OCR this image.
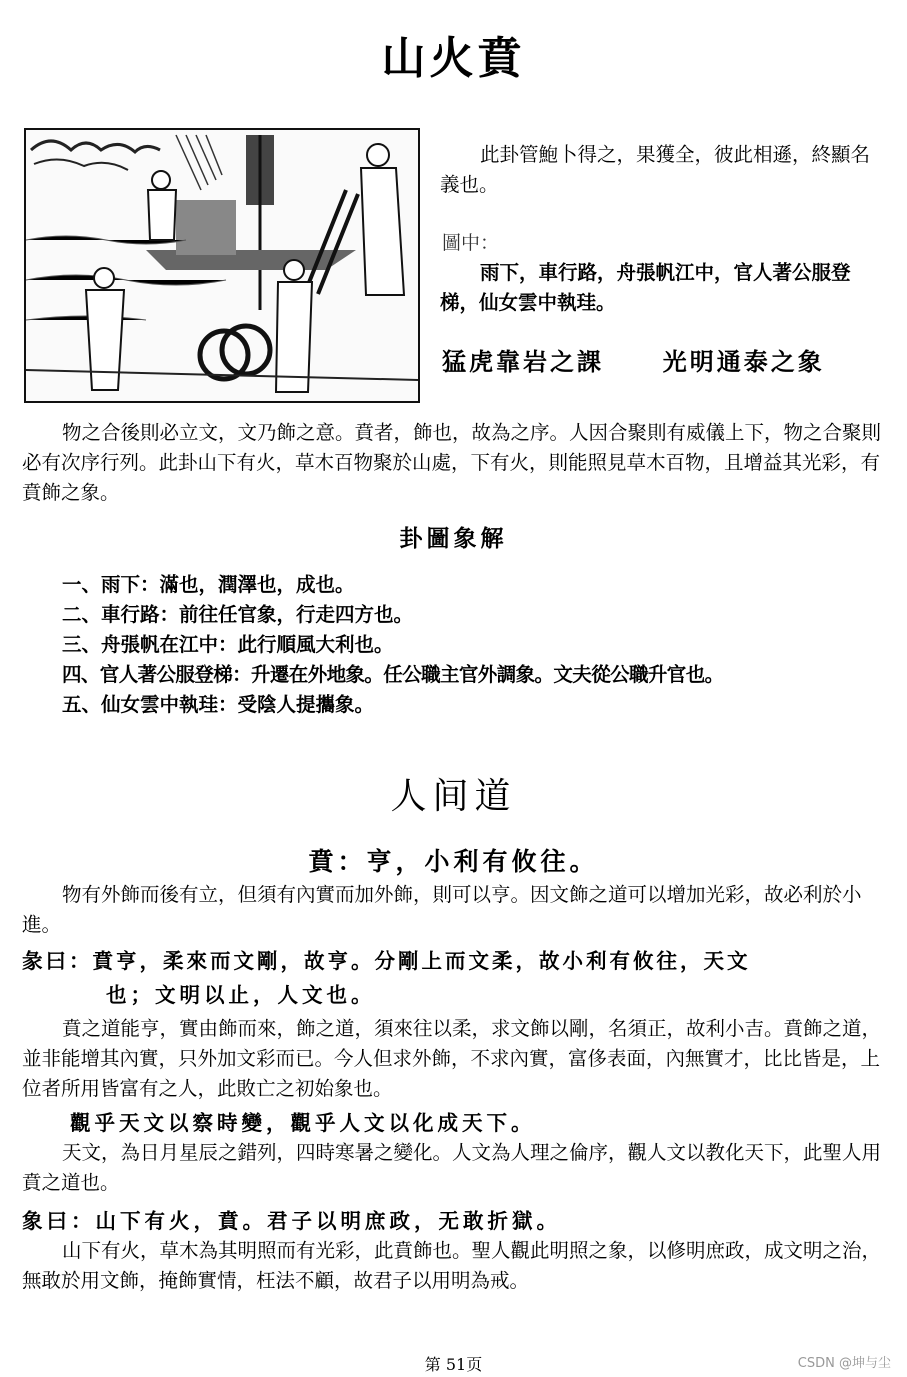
山火賁
此卦管鮑卜得之，果獲全，彼此相遜，終顯名義也。
圖中：
雨下，車行路，舟張帆江中，官人著公服登梯，仙女雲中執珪。
猛虎靠岩之課 光明通泰之象
物之合後則必立文，文乃飾之意。賁者，飾也，故為之序。人因合聚則有威儀上下，物之合聚則必有次序行列。此卦山下有火，草木百物聚於山處，下有火，則能照見草木百物，且增益其光彩，有賁飾之象。
卦圖象解
一、雨下：滿也，潤澤也，成也。
二、車行路：前往任官象，行走四方也。
三、舟張帆在江中：此行順風大利也。
四、官人著公服登梯：升遷在外地象。任公職主官外調象。文夫從公職升官也。
五、仙女雲中執珪：受陰人提攜象。
人间道
賁：亨，小利有攸往。
物有外飾而後有立，但須有內實而加外飾，則可以亨。因文飾之道可以增加光彩，故必利於小進。
彖曰：賁亨，柔來而文剛，故亨。分剛上而文柔，故小利有攸往，天文
也；文明以止，人文也。
賁之道能亨，實由飾而來，飾之道，須來往以柔，求文飾以剛，名須正，故利小吉。賁飾之道，並非能增其內實，只外加文彩而已。今人但求外飾，不求內實，富侈表面，內無實才，比比皆是，上位者所用皆富有之人，此敗亡之初始象也。
觀乎天文以察時變，觀乎人文以化成天下。
天文，為日月星辰之錯列，四時寒暑之變化。人文為人理之倫序，觀人文以教化天下，此聖人用賁之道也。
象曰：山下有火，賁。君子以明庶政，无敢折獄。
山下有火，草木為其明照而有光彩，此賁飾也。聖人觀此明照之象，以修明庶政，成文明之治，無敢於用文飾，掩飾實情，枉法不顧，故君子以用明為戒。
第 51页	CSDN @坤与尘
